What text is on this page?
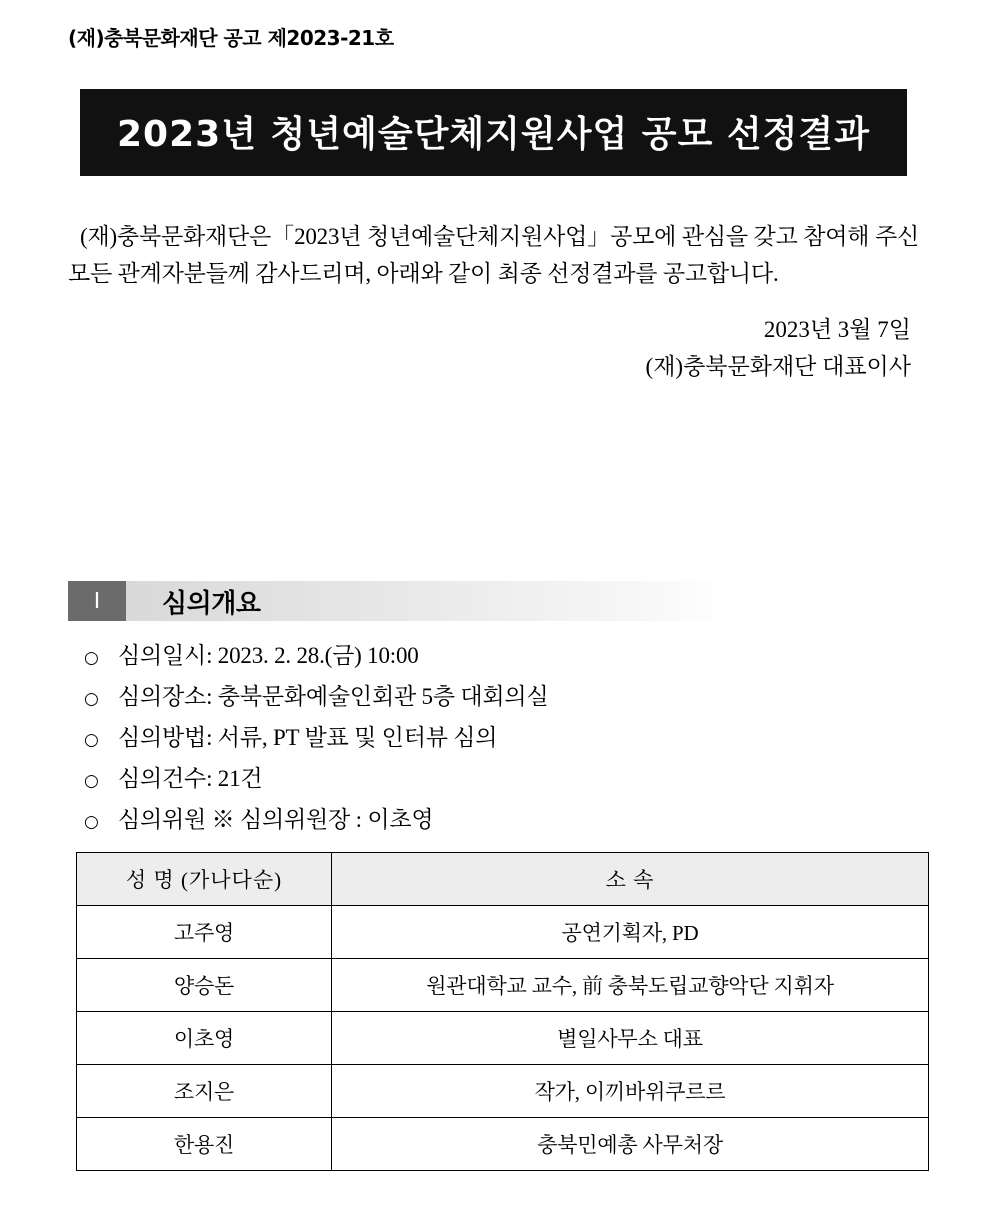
(재)충북문화재단 공고 제2023-21호
2023년 청년예술단체지원사업 공모 선정결과
(재)충북문화재단은「2023년 청년예술단체지원사업」공모에 관심을 갖고 참여해 주신 모든 관계자분들께 감사드리며, 아래와 같이 최종 선정결과를 공고합니다.
2023년 3월 7일
(재)충북문화재단 대표이사
Ⅰ	심의개요
○ 심의일시: 2023. 2. 28.(금) 10:00
○ 심의장소: 충북문화예술인회관 5층 대회의실
○ 심의방법: 서류, PT 발표 및 인터뷰 심의
○ 심의건수: 21건
○ 심의위원 ※ 심의위원장 : 이초영
성 명 (가나다순)	소 속
고주영	공연기획자, PD
양승돈	원관대학교 교수, 前 충북도립교향악단 지휘자
이초영	별일사무소 대표
조지은	작가, 이끼바위쿠르르
한용진	충북민예총 사무처장
